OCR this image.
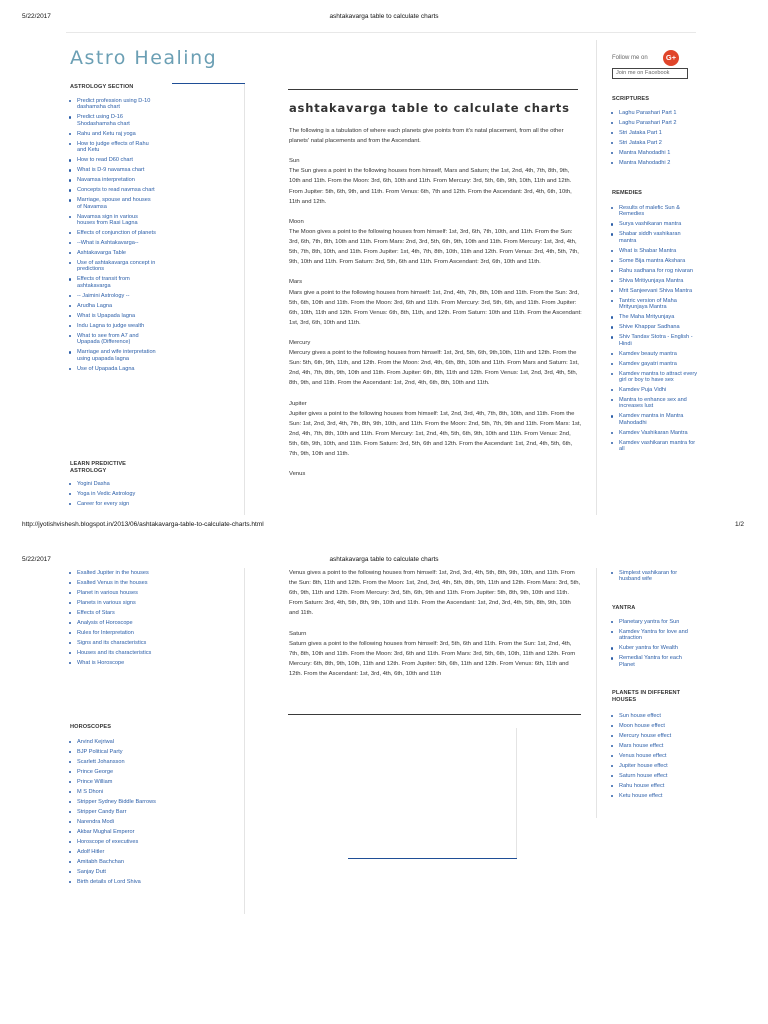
5/22/2017	ashtakavarga table to calculate charts
Astro Healing	Follow me on	G+
Join me on Facebook
ASTROLOGY SECTION
Predict profession using D-10 dashamsha chart
Predict using D-16 Shodashamsha chart
Rahu and Ketu raj yoga
How to judge effects of Rahu and Ketu
How to read D60 chart
What is D-9 navamsa chart
Navamsa interpretation
Concepts to read navmsa chart
Marriage, spouse and houses of Navamsa
Navamsa sign in various houses from Rasi Lagna
Effects of conjunction of planets
--What is Ashtakavarga--
Ashtakavarga Table
Use of ashtakavarga concept in predictions
Effects of transit from ashtakavarga
-- Jaimini Astrology --
Arudha Lagna
What is Upapada lagna
Indu Lagna to judge wealth
What to see from A7 and Upapada (Difference)
Marriage and wife interpretation using upapada lagna
Use of Upapada Lagna
LEARN PREDICTIVE ASTROLOGY
Yogini Dasha
Yoga in Vedic Astrology
Career for every sign
ashtakavarga table to calculate charts

The following is a tabulation of where each planets give points from it's natal placement, from all the other planets' natal placements and from the Ascendant.

Sun

The Sun gives a point in the following houses from himself, Mars and Saturn; the 1st, 2nd, 4th, 7th, 8th, 9th, 10th and 11th. From the Moon: 3rd, 6th, 10th and 11th. From Mercury: 3rd, 5th, 6th, 9th, 10th, 11th and 12th. From Jupiter: 5th, 6th, 9th, and 11th. From Venus: 6th, 7th and 12th. From the Ascendant: 3rd, 4th, 6th, 10th, 11th and 12th.

Moon

The Moon gives a point to the following houses from himself: 1st, 3rd, 6th, 7th, 10th, and 11th. From the Sun: 3rd, 6th, 7th, 8th, 10th and 11th. From Mars: 2nd, 3rd, 5th, 6th, 9th, 10th and 11th. From Mercury: 1st, 3rd, 4th, 5th, 7th, 8th, 10th, and 11th. From Jupiter: 1st, 4th, 7th, 8th, 10th, 11th and 12th. From Venus: 3rd, 4th, 5th, 7th, 9th, 10th and 11th. From Saturn: 3rd, 5th, 6th and 11th. From Ascendant: 3rd, 6th, 10th and 11th.

Mars

Mars give a point to the following houses from himself: 1st, 2nd, 4th, 7th, 8th, 10th and 11th. From the Sun: 3rd, 5th, 6th, 10th and 11th. From the Moon: 3rd, 6th and 11th. From Mercury: 3rd, 5th, 6th, and 11th. From Jupiter: 6th, 10th, 11th and 12th. From Venus: 6th, 8th, 11th, and 12th. From Saturn: 10th and 11th. From the Ascendant: 1st, 3rd, 6th, 10th and 11th.

Mercury

Mercury gives a point to the following houses from himself: 1st, 3rd, 5th, 6th, 9th,10th, 11th and 12th. From the Sun: 5th, 6th, 9th, 11th, and 12th. From the Moon: 2nd, 4th, 6th, 8th, 10th and 11th. From Mars and Saturn: 1st, 2nd, 4th, 7th, 8th, 9th, 10th and 11th. From Jupiter: 6th, 8th, 11th and 12th. From Venus: 1st, 2nd, 3rd, 4th, 5th, 8th, 9th, and 11th. From the Ascendant: 1st, 2nd, 4th, 6th, 8th, 10th and 11th.

Jupiter

Jupiter gives a point to the following houses from himself: 1st, 2nd, 3rd, 4th, 7th, 8th, 10th, and 11th. From the Sun: 1st, 2nd, 3rd, 4th, 7th, 8th, 9th, 10th, and 11th. From the Moon: 2nd, 5th, 7th, 9th and 11th. From Mars: 1st, 2nd, 4th, 7th, 8th, 10th and 11th. From Mercury: 1st, 2nd, 4th, 5th, 6th, 9th, 10th and 11th. From Venus: 2nd, 5th, 6th, 9th, 10th, and 11th. From Saturn: 3rd, 5th, 6th and 12th. From the Ascendant: 1st, 2nd, 4th, 5th, 6th, 7th, 9th, 10th and 11th.

Venus

SCRIPTURES
Laghu Parashari Part 1
Laghu Parashari Part 2
Stri Jataka Part 1
Stri Jataka Part 2
Mantra Mahodadhi 1
Mantra Mahodadhi 2
REMEDIES
Results of malefic Sun & Remedies
Surya vashikaran mantra
Shabar siddh vashikaran mantra
What is Shabar Mantra
Some Bija mantra Akshara
Rahu sadhana for rog nivaran
Shiva Mritiyunjaya Mantra
Mrit Sanjeevani Shiva Mantra
Tantric version of Maha Mrityunjaya Mantra
The Maha Mrityunjaya
Shive Khappar Sadhana
Shiv Tandav Stotra - English -Hindi
Kamdev beauty mantra
Kamdev gayatri mantra
Kamdev mantra to attract every girl or boy to have sex
Kamdev Puja Vidhi
Mantra to enhance sex and increases lust
Kamdev mantra in Mantra Mahodadhi
Kamdev Vashikaran Mantra
Kamdev vashikaran mantra for all
http://jyotishvishesh.blogspot.in/2013/06/ashtakavarga-table-to-calculate-charts.html	1/2
5/22/2017	ashtakavarga table to calculate charts
Exalted Jupiter in the houses
Exalted Venus in the houses
Planet in various houses
Planets in various signs
Effects of Stars
Analysis of Horoscope
Rules for Interpretation
Signs and its characteristics
Houses and its characteristics
What is Horoscope
HOROSCOPES
Arvind Kejriwal
BJP Political Party
Scarlett Johansson
Prince George
Prince William
M S Dhoni
Stripper Sydney Biddle Barrows
Stripper Candy Barr
Narendra Modi
Akbar Mughal Emperor
Horoscope of executives
Adolf Hitler
Amitabh Bachchan
Sanjay Dutt
Birth details of Lord Shiva

Venus gives a point to the following houses from himself: 1st, 2nd, 3rd, 4th, 5th, 8th, 9th, 10th, and 11th. From the Sun: 8th, 11th and 12th. From the Moon: 1st, 2nd, 3rd, 4th, 5th, 8th, 9th, 11th and 12th. From Mars: 3rd, 5th, 6th, 9th, 11th and 12th. From Mercury: 3rd, 5th, 6th, 9th and 11th. From Jupiter: 5th, 8th, 9th, 10th and 11th. From Saturn: 3rd, 4th, 5th, 8th, 9th, 10th and 11th. From the Ascendant: 1st, 2nd, 3rd, 4th, 5th, 8th, 9th, 10th and 11th.

Saturn

Saturn gives a point to the following houses from himself: 3rd, 5th, 6th and 11th. From the Sun: 1st, 2nd, 4th, 7th, 8th, 10th and 11th. From the Moon: 3rd, 6th and 11th. From Mars: 3rd, 5th, 6th, 10th, 11th and 12th. From Mercury: 6th, 8th, 9th, 10th, 11th and 12th. From Jupiter: 5th, 6th, 11th and 12th. From Venus: 6th, 11th and 12th. From the Ascendant: 1st, 3rd, 4th, 6th, 10th and 11th

Simplest vashikaran for husband wife
YANTRA
Planetary yantra for Sun
Kamdev Yantra for love and attraction
Kuber yantra for Wealth
Remedial Yantra for each Planet
PLANETS IN DIFFERENT HOUSES
Sun house effect
Moon house effect
Mercury house effect
Mars house effect
Venus house effect
Jupiter house effect
Saturn house effect
Rahu house effect
Ketu house effect
